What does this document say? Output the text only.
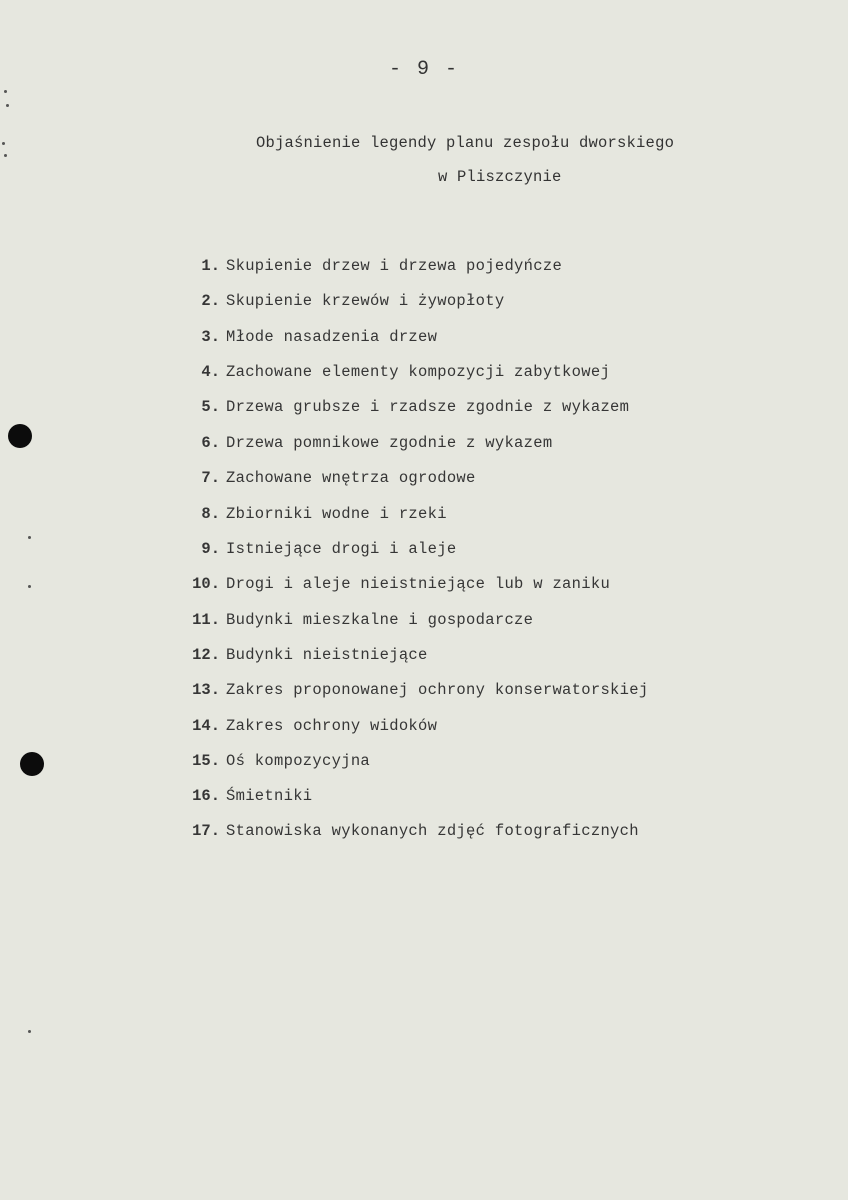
- 9 -
Objaśnienie legendy planu zespołu dworskiego
w Pliszczynie
1. Skupienie drzew i drzewa pojedyńcze
2. Skupienie krzewów i żywopłoty
3. Młode nasadzenia drzew
4. Zachowane elementy kompozycji zabytkowej
5. Drzewa grubsze i rzadsze zgodnie z wykazem
6. Drzewa pomnikowe zgodnie z wykazem
7. Zachowane wnętrza ogrodowe
8. Zbiorniki wodne i rzeki
9. Istniejące drogi i aleje
10. Drogi i aleje nieistniejące lub w zaniku
11. Budynki mieszkalne i gospodarcze
12. Budynki nieistniejące
13. Zakres proponowanej ochrony konserwatorskiej
14. Zakres ochrony widoków
15. Oś kompozycyjna
16. Śmietniki
17. Stanowiska wykonanych zdjęć fotograficznych
